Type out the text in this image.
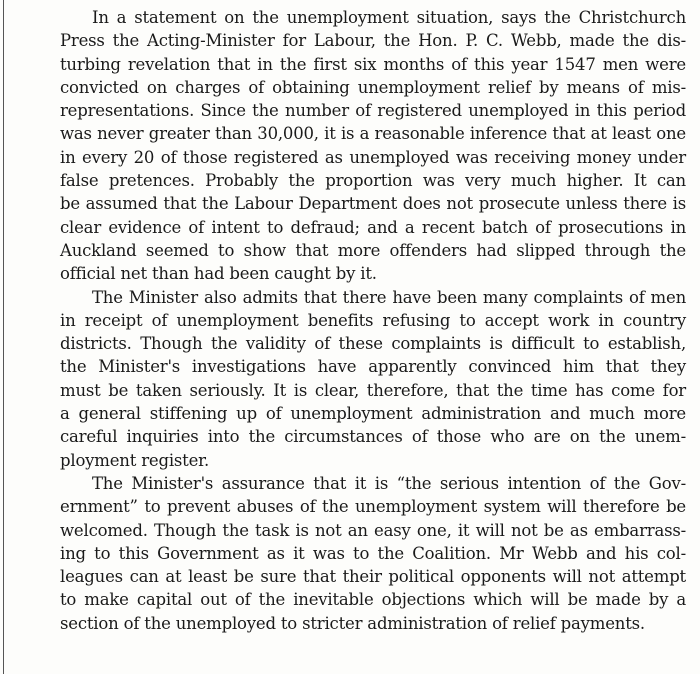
In a statement on the unemployment situation, says the Christchurch
Press the Acting-Minister for Labour, the Hon. P. C. Webb, made the dis-
turbing revelation that in the first six months of this year 1547 men were
convicted on charges of obtaining unemployment relief by means of mis-
representations. Since the number of registered unemployed in this period
was never greater than 30,000, it is a reasonable inference that at least one
in every 20 of those registered as unemployed was receiving money under
false pretences. Probably the proportion was very much higher. It can
be assumed that the Labour Department does not prosecute unless there is
clear evidence of intent to defraud; and a recent batch of prosecutions in
Auckland seemed to show that more offenders had slipped through the
official net than had been caught by it.
The Minister also admits that there have been many complaints of men
in receipt of unemployment benefits refusing to accept work in country
districts. Though the validity of these complaints is difficult to establish,
the Minister's investigations have apparently convinced him that they
must be taken seriously. It is clear, therefore, that the time has come for
a general stiffening up of unemployment administration and much more
careful inquiries into the circumstances of those who are on the unem-
ployment register.
The Minister's assurance that it is “the serious intention of the Gov-
ernment” to prevent abuses of the unemployment system will therefore be
welcomed. Though the task is not an easy one, it will not be as embarrass-
ing to this Government as it was to the Coalition. Mr Webb and his col-
leagues can at least be sure that their political opponents will not attempt
to make capital out of the inevitable objections which will be made by a
section of the unemployed to stricter administration of relief payments.
